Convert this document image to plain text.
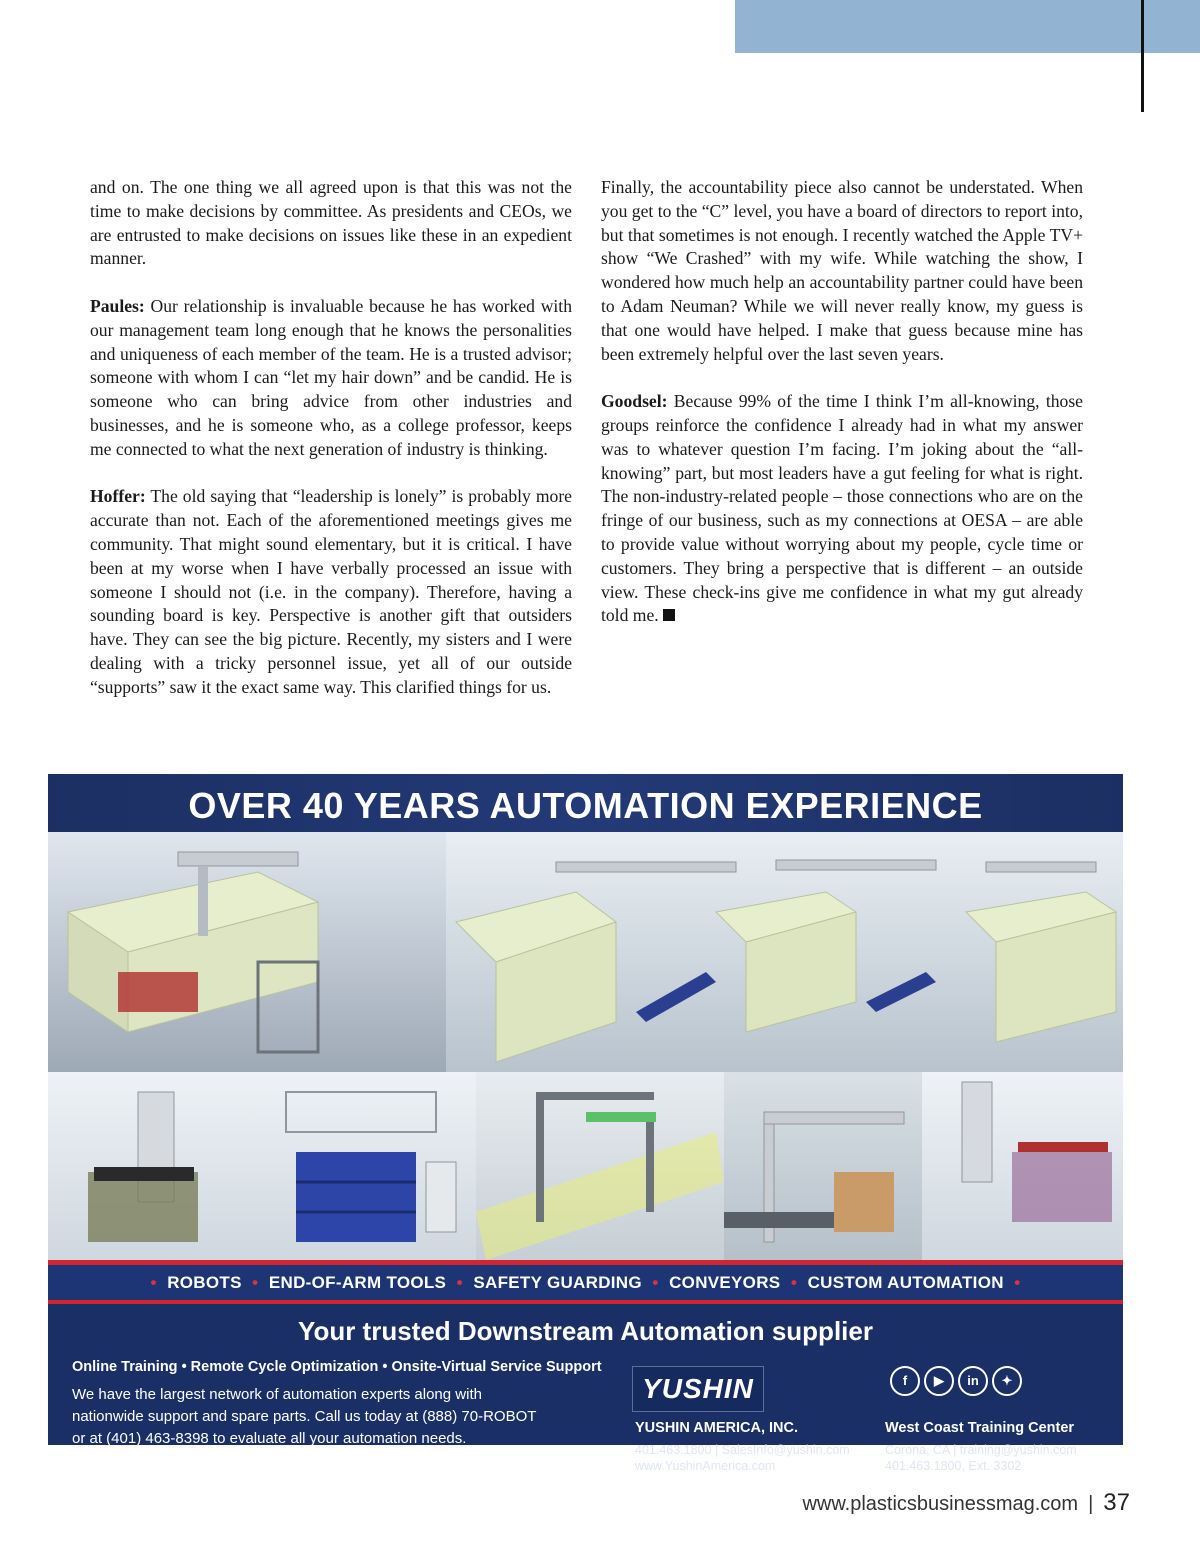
and on. The one thing we all agreed upon is that this was not the time to make decisions by committee. As presidents and CEOs, we are entrusted to make decisions on issues like these in an expedient manner.

Paules: Our relationship is invaluable because he has worked with our management team long enough that he knows the personalities and uniqueness of each member of the team. He is a trusted advisor; someone with whom I can “let my hair down” and be candid. He is someone who can bring advice from other industries and businesses, and he is someone who, as a college professor, keeps me connected to what the next generation of industry is thinking.

Hoffer: The old saying that “leadership is lonely” is probably more accurate than not. Each of the aforementioned meetings gives me community. That might sound elementary, but it is critical. I have been at my worse when I have verbally processed an issue with someone I should not (i.e. in the company). Therefore, having a sounding board is key. Perspective is another gift that outsiders have. They can see the big picture. Recently, my sisters and I were dealing with a tricky personnel issue, yet all of our outside “supports” saw it the exact same way. This clarified things for us.

Finally, the accountability piece also cannot be understated. When you get to the “C” level, you have a board of directors to report into, but that sometimes is not enough. I recently watched the Apple TV+ show “We Crashed” with my wife. While watching the show, I wondered how much help an accountability partner could have been to Adam Neuman? While we will never really know, my guess is that one would have helped. I make that guess because mine has been extremely helpful over the last seven years.

Goodsel: Because 99% of the time I think I’m all-knowing, those groups reinforce the confidence I already had in what my answer was to whatever question I’m facing. I’m joking about the “all-knowing” part, but most leaders have a gut feeling for what is right. The non-industry-related people – those connections who are on the fringe of our business, such as my connections at OESA – are able to provide value without worrying about my people, cycle time or customers. They bring a perspective that is different – an outside view. These check-ins give me confidence in what my gut already told me.

OVER 40 YEARS AUTOMATION EXPERIENCE
• ROBOTS • END-OF-ARM TOOLS • SAFETY GUARDING • CONVEYORS • CUSTOM AUTOMATION •
Your trusted Downstream Automation supplier
Online Training • Remote Cycle Optimization • Onsite-Virtual Service Support
We have the largest network of automation experts along with
nationwide support and spare parts. Call us today at (888) 70-ROBOT
or at (401) 463-8398 to evaluate all your automation needs.
YUSHIN
YUSHIN AMERICA, INC.
401.463.1800 | SalesInfo@yushin.com
www.YushinAmerica.com
f ▶ in ✦
West Coast Training Center
Corona, CA | training@yushin.com
401.463.1800, Ext. 3302
www.plasticsbusinessmag.com | 37
